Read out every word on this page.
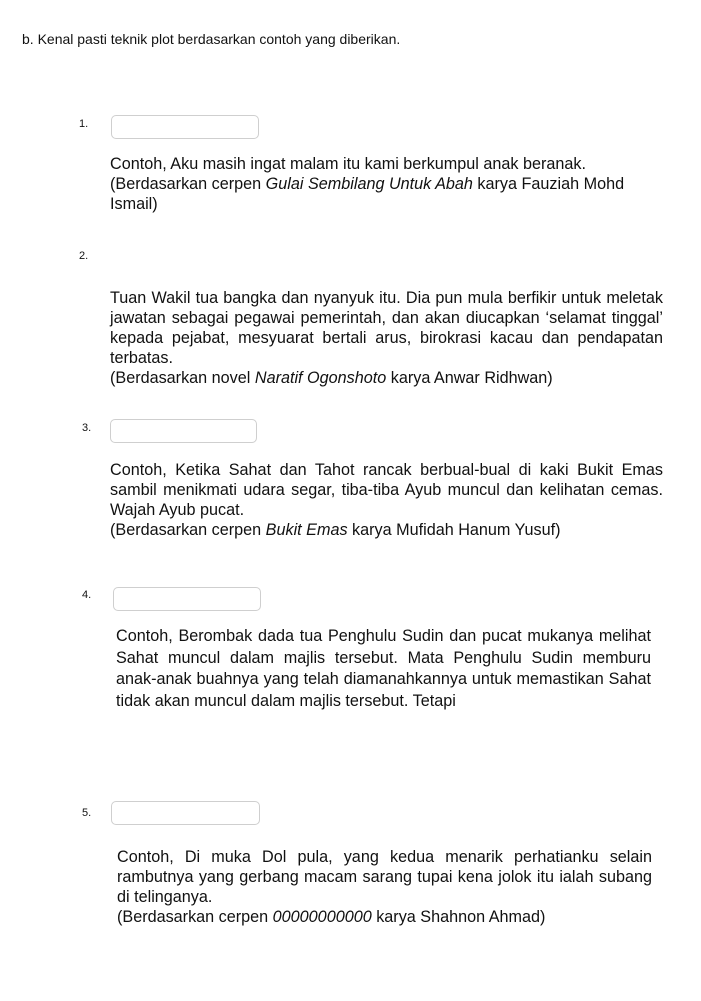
b. Kenal pasti teknik plot berdasarkan contoh yang diberikan.
1.
Contoh, Aku masih ingat malam itu kami berkumpul anak beranak.
(Berdasarkan cerpen Gulai Sembilang Untuk Abah karya Fauziah Mohd Ismail)
2.
Tuan Wakil tua bangka dan nyanyuk itu. Dia pun mula berfikir untuk meletak jawatan sebagai pegawai pemerintah, dan akan diucapkan ‘selamat tinggal’ kepada pejabat, mesyuarat bertali arus, birokrasi kacau dan pendapatan terbatas.
(Berdasarkan novel Naratif Ogonshoto karya Anwar Ridhwan)
3.
Contoh, Ketika Sahat dan Tahot rancak berbual-bual di kaki Bukit Emas sambil menikmati udara segar, tiba-tiba Ayub muncul dan kelihatan cemas. Wajah Ayub pucat.
(Berdasarkan cerpen Bukit Emas karya Mufidah Hanum Yusuf)
4.
Contoh, Berombak dada tua Penghulu Sudin dan pucat mukanya melihat Sahat muncul dalam majlis tersebut. Mata Penghulu Sudin memburu anak-anak buahnya yang telah diamanahkannya untuk memastikan Sahat tidak akan muncul dalam majlis tersebut. Tetapi
5.
Contoh, Di muka Dol pula, yang kedua menarik perhatianku selain rambutnya yang gerbang macam sarang tupai kena jolok itu ialah subang di telinganya.
(Berdasarkan cerpen 00000000000 karya Shahnon Ahmad)
